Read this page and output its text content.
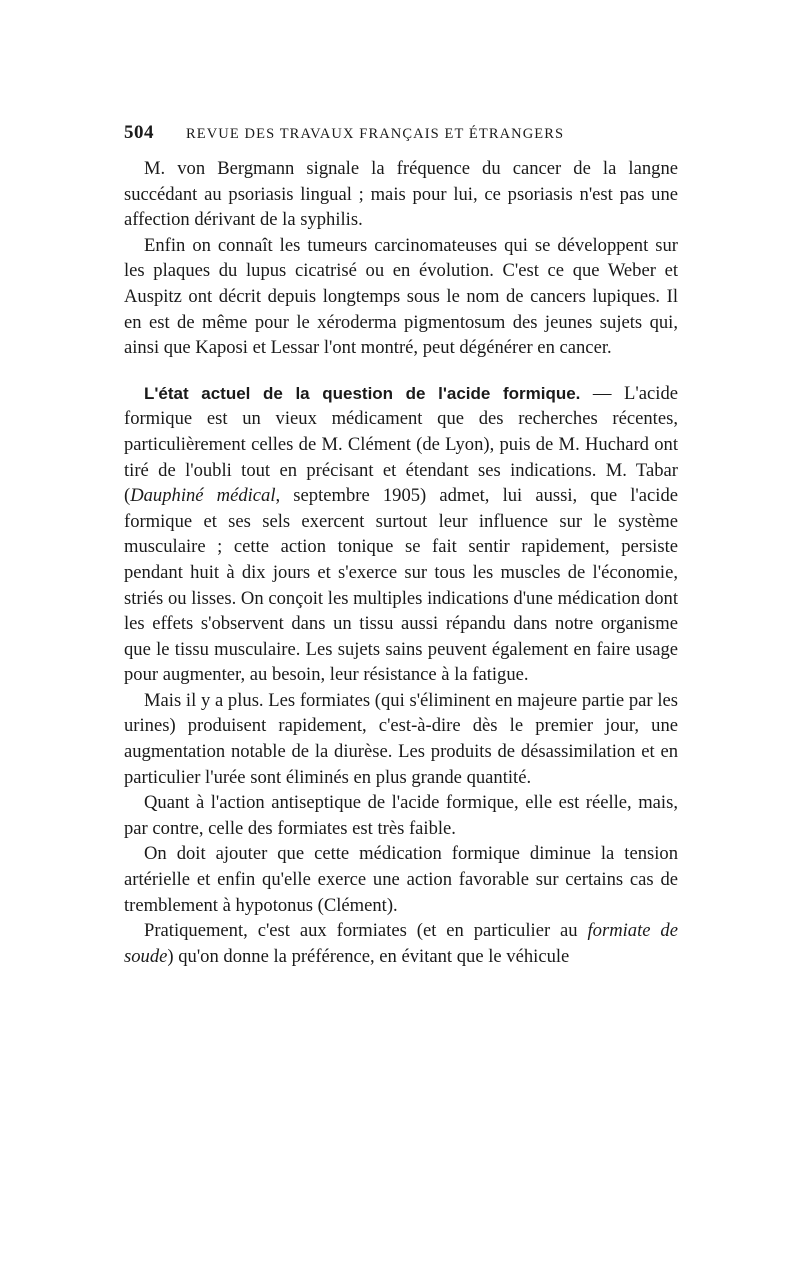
504 REVUE DES TRAVAUX FRANÇAIS ET ÉTRANGERS

M. von Bergmann signale la fréquence du cancer de la langne succédant au psoriasis lingual ; mais pour lui, ce psoriasis n'est pas une affection dérivant de la syphilis.

Enfin on connaît les tumeurs carcinomateuses qui se développent sur les plaques du lupus cicatrisé ou en évolution. C'est ce que Weber et Auspitz ont décrit depuis longtemps sous le nom de cancers lupiques. Il en est de même pour le xéroderma pigmentosum des jeunes sujets qui, ainsi que Kaposi et Lessar l'ont montré, peut dégénérer en cancer.

L'état actuel de la question de l'acide formique. — L'acide formique est un vieux médicament que des recherches récentes, particulièrement celles de M. Clément (de Lyon), puis de M. Huchard ont tiré de l'oubli tout en précisant et étendant ses indications. M. Tabar (Dauphiné médical, septembre 1905) admet, lui aussi, que l'acide formique et ses sels exercent surtout leur influence sur le système musculaire ; cette action tonique se fait sentir rapidement, persiste pendant huit à dix jours et s'exerce sur tous les muscles de l'économie, striés ou lisses. On conçoit les multiples indications d'une médication dont les effets s'observent dans un tissu aussi répandu dans notre organisme que le tissu musculaire. Les sujets sains peuvent également en faire usage pour augmenter, au besoin, leur résistance à la fatigue.

Mais il y a plus. Les formiates (qui s'éliminent en majeure partie par les urines) produisent rapidement, c'est-à-dire dès le premier jour, une augmentation notable de la diurèse. Les produits de désassimilation et en particulier l'urée sont éliminés en plus grande quantité.

Quant à l'action antiseptique de l'acide formique, elle est réelle, mais, par contre, celle des formiates est très faible.

On doit ajouter que cette médication formique diminue la tension artérielle et enfin qu'elle exerce une action favorable sur certains cas de tremblement à hypotonus (Clément).

Pratiquement, c'est aux formiates (et en particulier au formiate de soude) qu'on donne la préférence, en évitant que le véhicule
